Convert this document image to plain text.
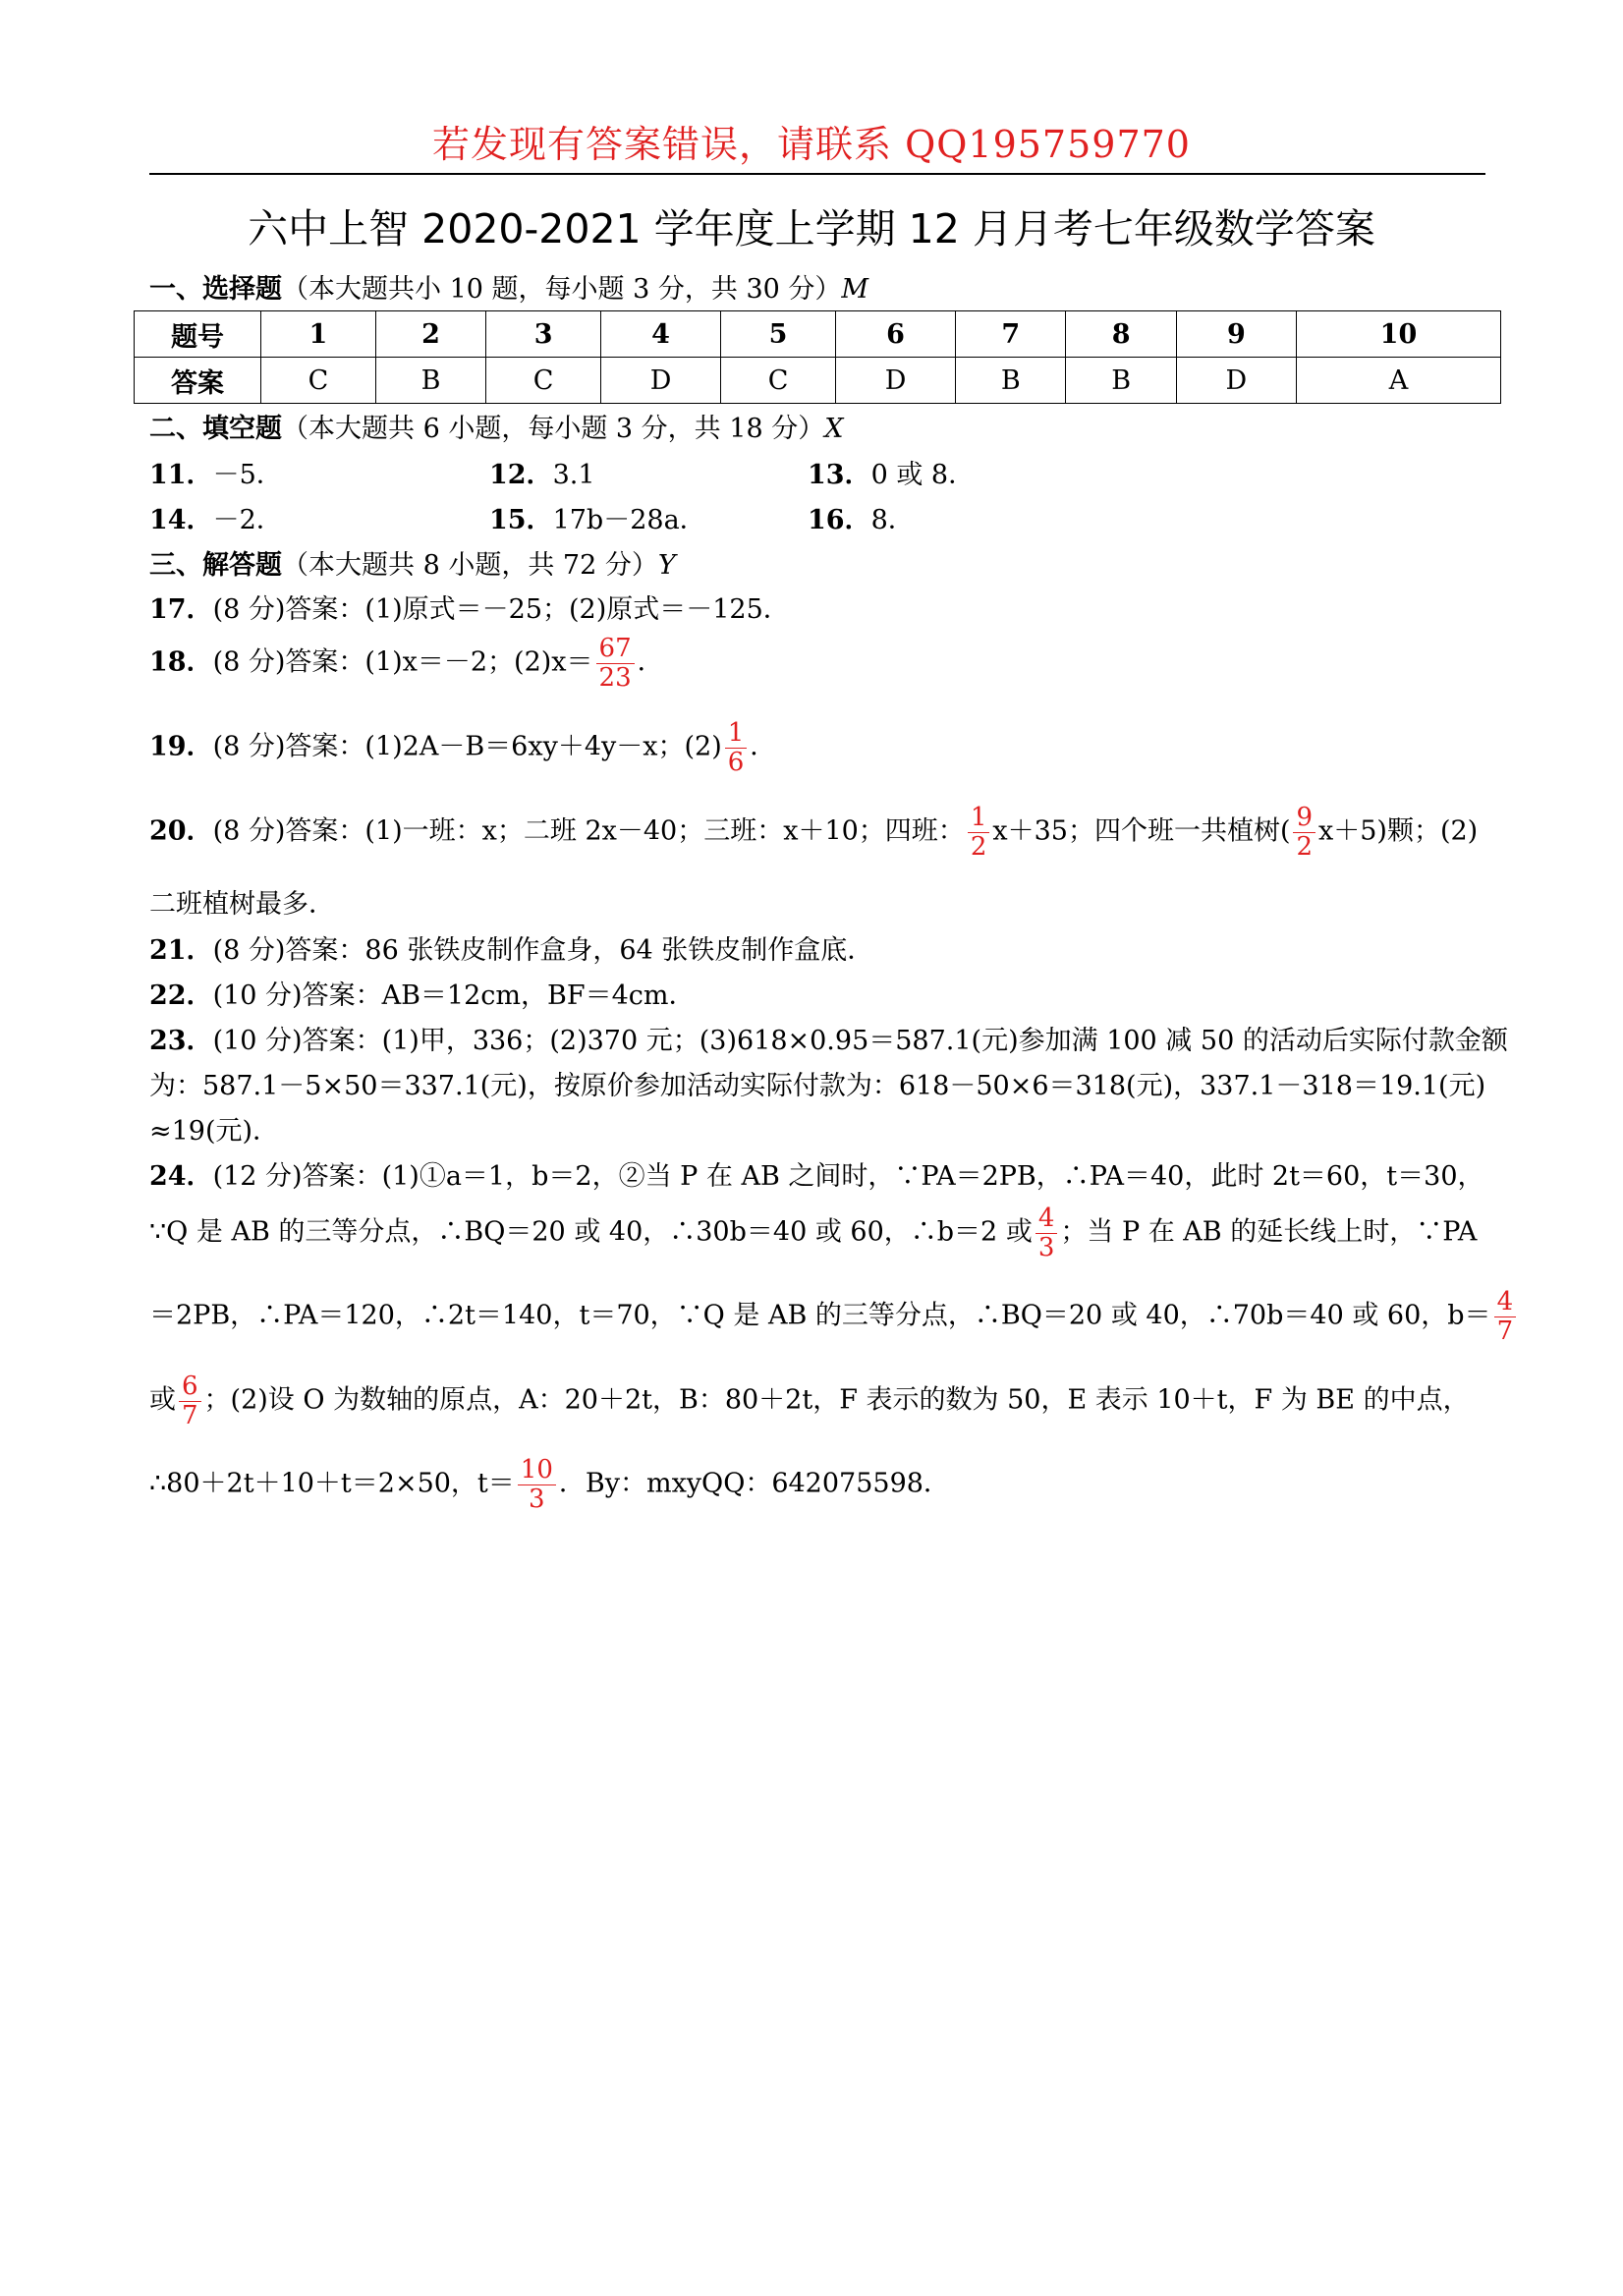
若发现有答案错误，请联系 QQ195759770
六中上智 2020-2021 学年度上学期 12 月月考七年级数学答案
一、选择题（本大题共小 10 题，每小题 3 分，共 30 分）M
题号	1	2	3	4	5	6	7	8	9	10
答案	C	B	C	D	C	D	B	B	D	A
二、填空题（本大题共 6 小题，每小题 3 分，共 18 分）X
11．－5．	12．3.1	13．0 或 8．
14．－2．	15．17b－28a．	16．8．
三、解答题（本大题共 8 小题，共 72 分）Y
17．(8 分)答案：(1)原式＝－25；(2)原式＝－125．
18．(8 分)答案：(1)x＝－2；$(2)x= \frac{67}{23}$ ．
19．(8 分)答案：(1)2A－B＝6xy＋4y－x；$(2) \frac{1}{6}$ ．
20．(8 分)答案：(1)一班：x；二班 2x－40；三班：x＋10；四班： $\frac{1}{2} x+35$；四个班一共植树( $\frac{9}{2} x+5$)颗；(2)
二班植树最多．
21．(8 分)答案：86 张铁皮制作盒身，64 张铁皮制作盒底．
22．(10 分)答案：AB＝12cm，BF＝4cm．
23．(10 分)答案：(1)甲，336；(2)370 元；(3)618×0.95＝587.1(元)参加满 100 减 50 的活动后实际付款金额
为：587.1－5×50＝337.1(元)，按原价参加活动实际付款为：618－50×6＝318(元)，337.1－318＝19.1(元)
≈19(元)．
24．(12 分)答案：(1)①a＝1，b＝2，②当 P 在 AB 之间时，∵PA＝2PB，∴PA＝40，此时 2t＝60，t＝30，
∵Q 是 AB 的三等分点，∴BQ＝20 或 40，∴30b＝40 或 60，∴b＝2 或 $\frac{4}{3}$ ；当 P 在 AB 的延长线上时，∵PA
＝2PB，∴PA＝120，∴2t＝140，t＝70，∵Q 是 AB 的三等分点，∴BQ＝20 或 40，∴70b＝40 或 60，$b= \frac{4}{7}$
或 $\frac{6}{7}$ ；(2)设 O 为数轴的原点，A：20＋2t，B：80＋2t，F 表示的数为 50，E 表示 10＋t，F 为 BE 的中点，
∴80＋2t＋10＋t＝2×50，$t= \frac{10}{3}$ ．By：mxyQQ：642075598．
